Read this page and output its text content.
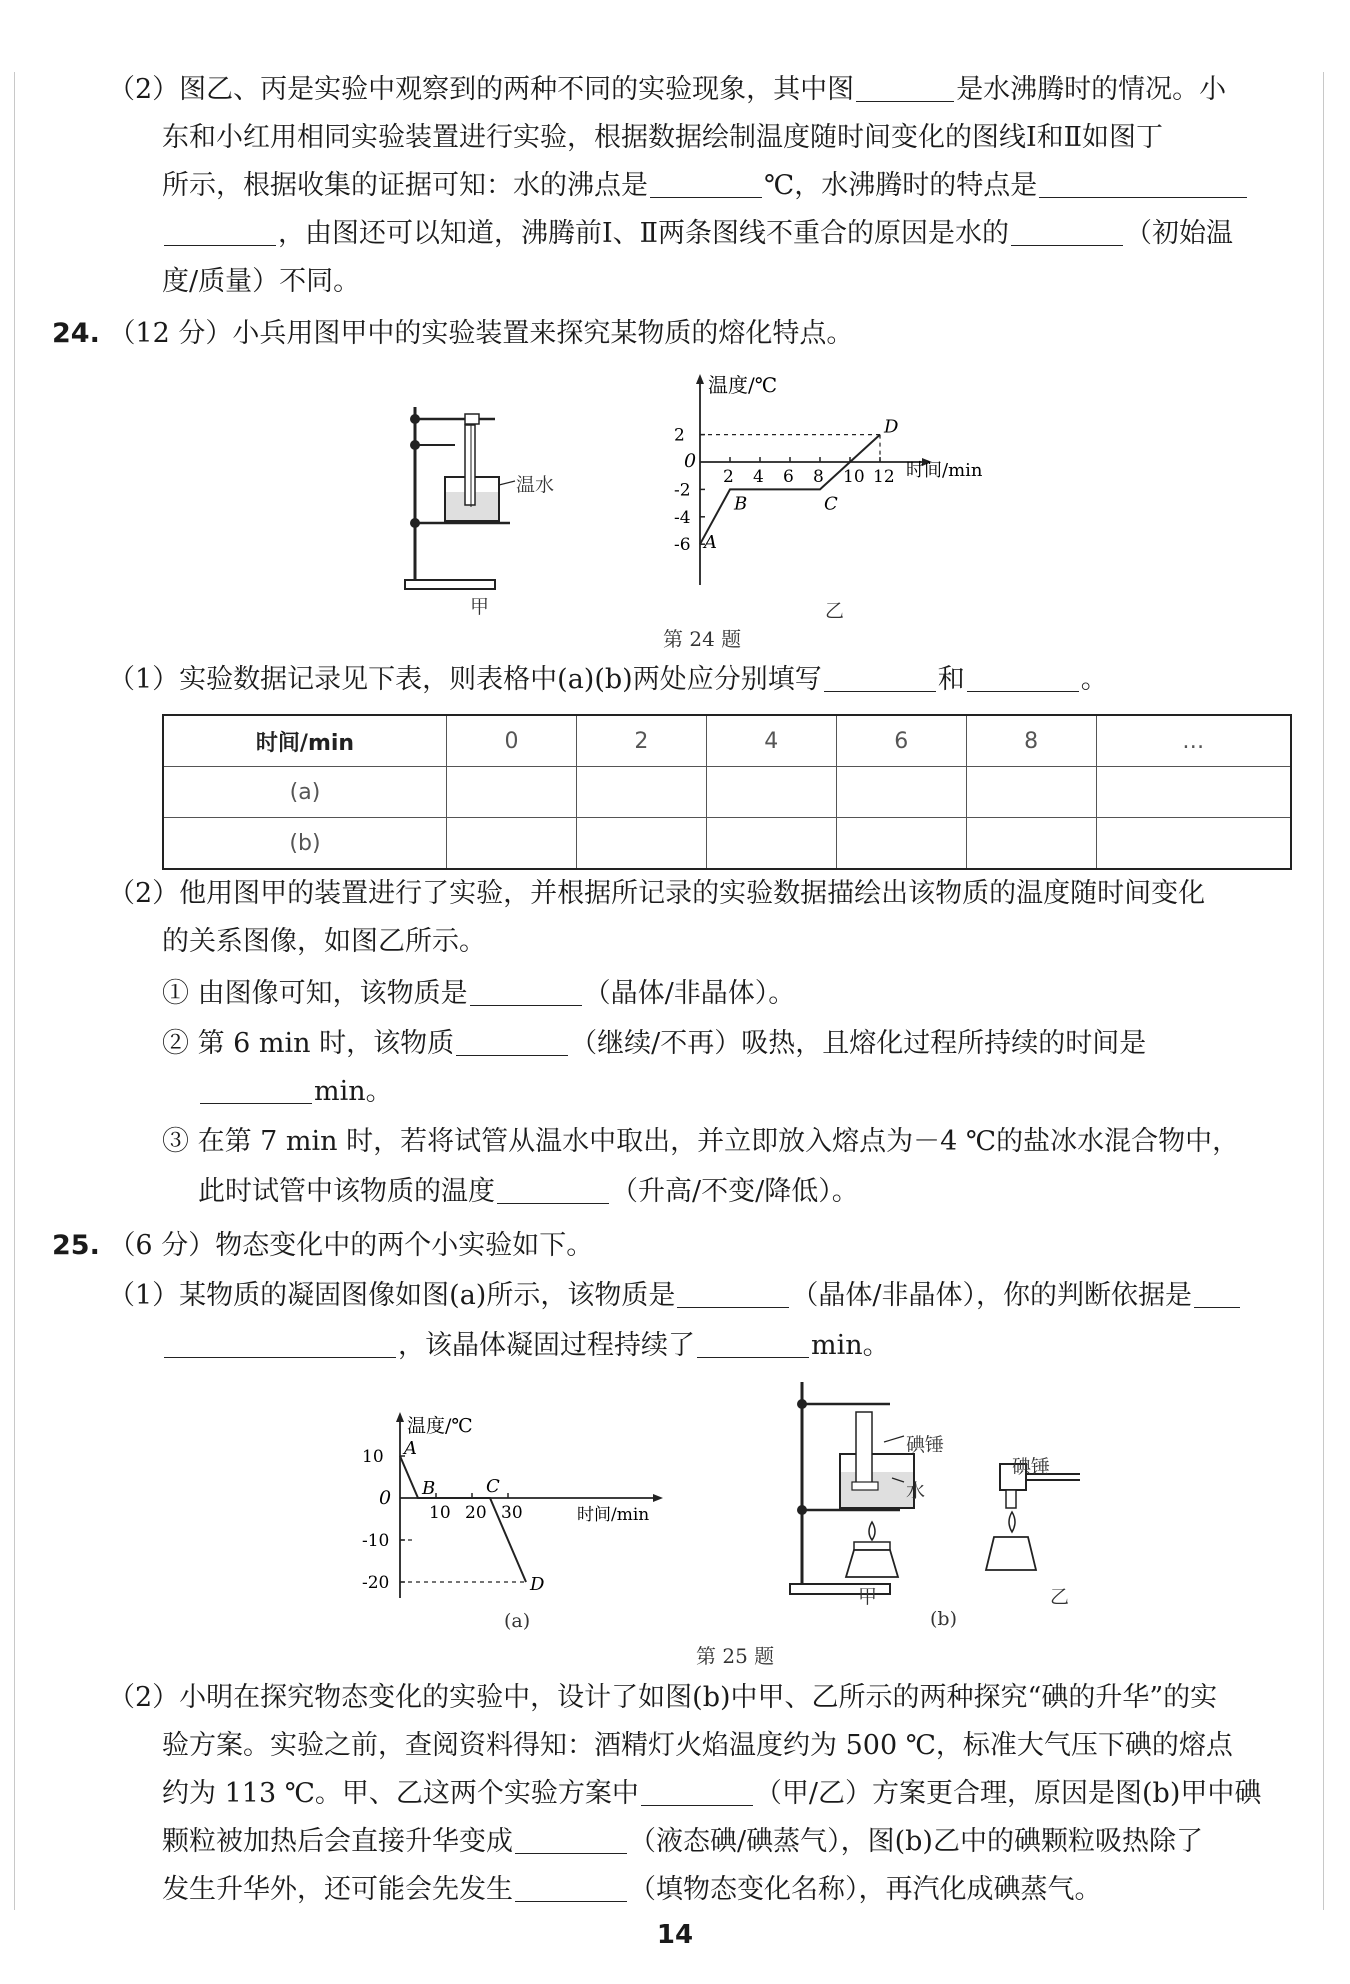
（2）图乙、丙是实验中观察到的两种不同的实验现象，其中图	是水沸腾时的情况。小
东和小红用相同实验装置进行实验，根据数据绘制温度随时间变化的图线Ⅰ和Ⅱ如图丁
所示，根据收集的证据可知：水的沸点是	℃，水沸腾时的特点是
，由图还可以知道，沸腾前Ⅰ、Ⅱ两条图线不重合的原因是水的	（初始温
度/质量）不同。
24. （12 分）小兵用图甲中的实验装置来探究某物质的熔化特点。
温水
甲
2 4 6 8 10 12
2
-2
-4
-6 A
B	C
D
温度/℃
时间/min
0
乙
第 24 题
（1）实验数据记录见下表，则表格中(a)(b)两处应分别填写	和	。
时间/min	0	2	4	6	8	…
(a)						
(b)						
（2）他用图甲的装置进行了实验，并根据所记录的实验数据描绘出该物质的温度随时间变化
的关系图像，如图乙所示。
① 由图像可知，该物质是	（晶体/非晶体）。
② 第 6 min 时，该物质	（继续/不再）吸热，且熔化过程所持续的时间是
min。
③ 在第 7 min 时，若将试管从温水中取出，并立即放入熔点为－4 ℃的盐冰水混合物中，
此时试管中该物质的温度	（升高/不变/降低）。
25. （6 分）物态变化中的两个小实验如下。
（1）某物质的凝固图像如图(a)所示，该物质是	（晶体/非晶体），你的判断依据是
，该晶体凝固过程持续了	min。
10 20 30
10
-10
-20
A
B	C
D
温度/℃
时间/min
0
(a)
碘锤
水
碘锤
甲	乙
(b)
第 25 题
（2）小明在探究物态变化的实验中，设计了如图(b)中甲、乙所示的两种探究“碘的升华”的实
验方案。实验之前，查阅资料得知：酒精灯火焰温度约为 500 ℃，标准大气压下碘的熔点
约为 113 ℃。甲、乙这两个实验方案中	（甲/乙）方案更合理，原因是图(b)甲中碘
颗粒被加热后会直接升华变成	（液态碘/碘蒸气），图(b)乙中的碘颗粒吸热除了
发生升华外，还可能会先发生	（填物态变化名称），再汽化成碘蒸气。
14
